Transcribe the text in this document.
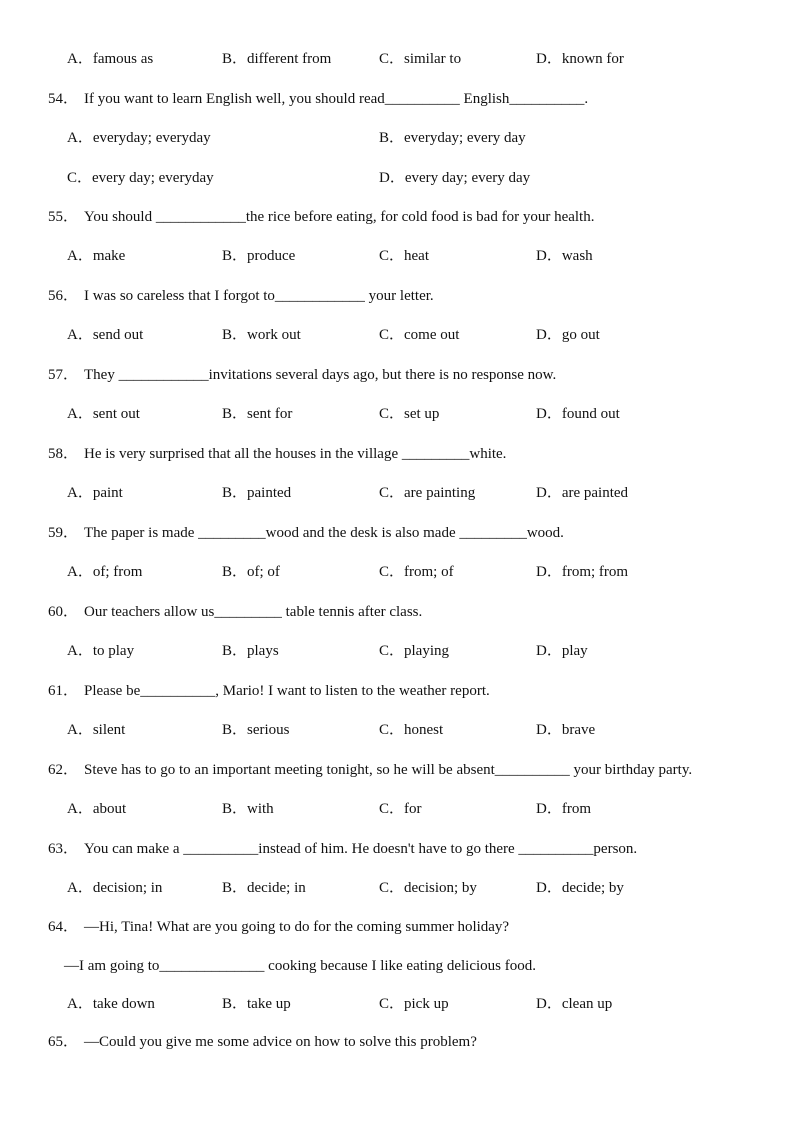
A．famous as	B．different from	C．similar to	D．known for
54． If you want to learn English well, you should read__________ English__________.
A．everyday; everyday	B．everyday; every day
C．every day; everyday	D．every day; every day
55． You should ____________the rice before eating, for cold food is bad for your health.
A．make	B．produce	C．heat	D．wash
56． I was so careless that I forgot to____________ your letter.
A．send out	B．work out	C．come out	D．go out
57． They ____________invitations several days ago, but there is no response now.
A．sent out	B．sent for	C．set up	D．found out
58． He is very surprised that all the houses in the village _________white.
A．paint	B．painted	C．are painting	D．are painted
59． The paper is made _________wood and the desk is also made _________wood.
A．of; from	B．of; of	C．from; of	D．from; from
60． Our teachers allow us_________ table tennis after class.
A．to play	B．plays	C．playing	D．play
61． Please be__________, Mario! I want to listen to the weather report.
A．silent	B．serious	C．honest	D．brave
62． Steve has to go to an important meeting tonight, so he will be absent__________ your birthday party.
A．about	B．with	C．for	D．from
63． You can make a __________instead of him. He doesn't have to go there __________person.
A．decision; in	B．decide; in	C．decision; by	D．decide; by
64． —Hi, Tina! What are you going to do for the coming summer holiday?
—I am going to______________ cooking because I like eating delicious food.
A．take down	B．take up	C．pick up	D．clean up
65． —Could you give me some advice on how to solve this problem?
